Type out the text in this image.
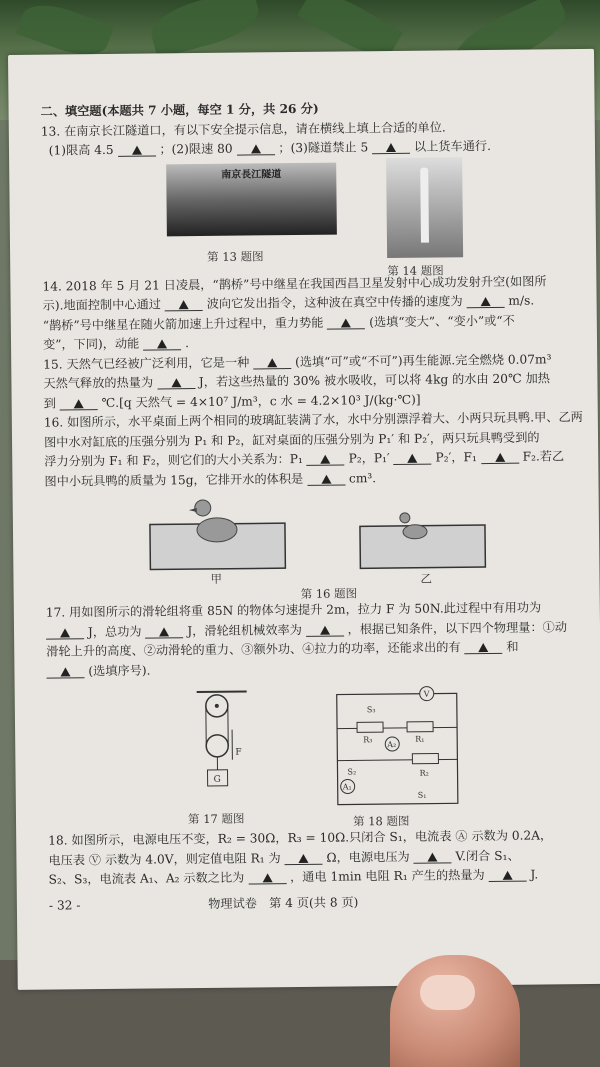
二、填空题(本题共 7 小题，每空 1 分，共 26 分)
13. 在南京长江隧道口，有以下安全提示信息，请在横线上填上合适的单位.
(1)限高 4.5	；(2)限速 80	；(3)隧道禁止 5	以上货车通行.
南京長江隧道
第 13 题图
第 14 题图
14. 2018 年 5 月 21 日凌晨，“鹊桥”号中继星在我国西昌卫星发射中心成功发射升空(如图所
示).地面控制中心通过	波向它发出指令，这种波在真空中传播的速度为	m/s.
“鹊桥”号中继星在随火箭加速上升过程中，重力势能	(选填“变大”、“变小”或“不
变”，下同)，动能	.
15. 天然气已经被广泛利用，它是一种	(选填“可”或“不可”)再生能源.完全燃烧 0.07m³
天然气释放的热量为	J，若这些热量的 30% 被水吸收，可以将 4kg 的水由 20℃ 加热
到	℃.[q 天然气 = 4×10⁷ J/m³，c 水 = 4.2×10³ J/(kg·℃)]
16. 如图所示，水平桌面上两个相同的玻璃缸装满了水，水中分别漂浮着大、小两只玩具鸭.甲、乙两
图中水对缸底的压强分别为 P₁ 和 P₂，缸对桌面的压强分别为 P₁′ 和 P₂′，两只玩具鸭受到的
浮力分别为 F₁ 和 F₂，则它们的大小关系为：P₁	P₂，P₁′	P₂′，F₁	F₂.若乙
图中小玩具鸭的质量为 15g，它排开水的体积是	cm³.
甲	乙
第 16 题图
17. 用如图所示的滑轮组将重 85N 的物体匀速提升 2m，拉力 F 为 50N.此过程中有用功为
J，总功为	J，滑轮组机械效率为	，根据已知条件，以下四个物理量：①动
滑轮上升的高度、②动滑轮的重力、③额外功、④拉力的功率，还能求出的有	和
(选填序号).
G
F
S₃
V
R₃	R₁
S₂
A₂
R₂
A₁
S₁
第 17 题图	第 18 题图
18. 如图所示，电源电压不变，R₂ = 30Ω，R₃ = 10Ω.只闭合 S₁，电流表 Ⓐ 示数为 0.2A，
电压表 Ⓥ 示数为 4.0V，则定值电阻 R₁ 为	Ω，电源电压为	V.闭合 S₁、
S₂、S₃，电流表 A₁、A₂ 示数之比为	，通电 1min 电阻 R₁ 产生的热量为	J.
- 32 -	物理试卷　第 4 页(共 8 页)
